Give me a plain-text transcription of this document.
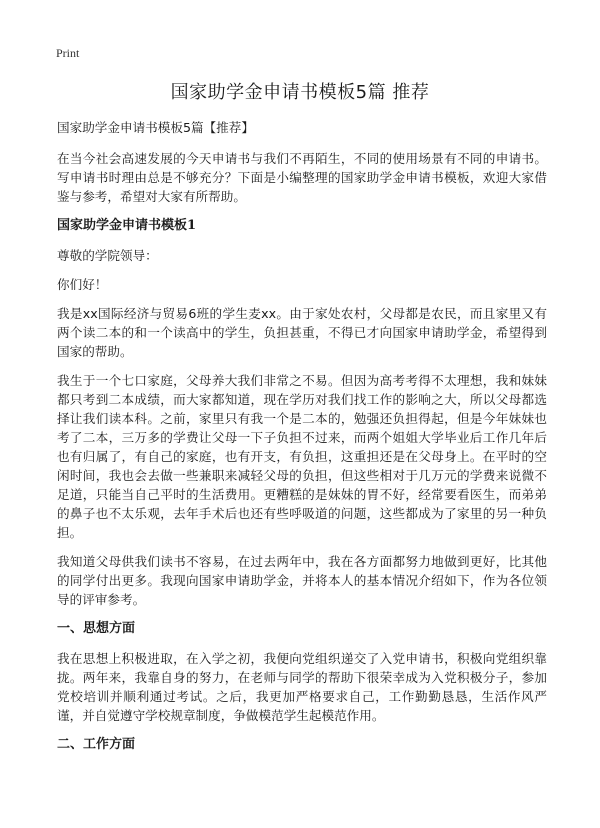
Print
国家助学金申请书模板5篇 推荐

国家助学金申请书模板5篇【推荐】

在当今社会高速发展的今天申请书与我们不再陌生，不同的使用场景有不同的申请书。写申请书时理由总是不够充分？下面是小编整理的国家助学金申请书模板，欢迎大家借鉴与参考，希望对大家有所帮助。

国家助学金申请书模板1

尊敬的学院领导：

你们好！

我是xx国际经济与贸易6班的学生麦xx。由于家处农村，父母都是农民，而且家里又有两个读二本的和一个读高中的学生，负担甚重，不得已才向国家申请助学金，希望得到国家的帮助。

我生于一个七口家庭，父母养大我们非常之不易。但因为高考考得不太理想，我和妹妹都只考到二本成绩，而大家都知道，现在学历对我们找工作的影响之大，所以父母都选择让我们读本科。之前，家里只有我一个是二本的，勉强还负担得起，但是今年妹妹也考了二本，三万多的学费让父母一下子负担不过来，而两个姐姐大学毕业后工作几年后也有归属了，有自己的家庭，也有开支，有负担，这重担还是在父母身上。在平时的空闲时间，我也会去做一些兼职来减轻父母的负担，但这些相对于几万元的学费来说微不足道，只能当自己平时的生活费用。更糟糕的是妹妹的胃不好，经常要看医生，而弟弟的鼻子也不太乐观，去年手术后也还有些呼吸道的问题，这些都成为了家里的另一种负担。

我知道父母供我们读书不容易，在过去两年中，我在各方面都努力地做到更好，比其他的同学付出更多。我现向国家申请助学金，并将本人的基本情况介绍如下，作为各位领导的评审参考。

一、思想方面

我在思想上积极进取，在入学之初，我便向党组织递交了入党申请书，积极向党组织靠拢。两年来，我靠自身的努力，在老师与同学的帮助下很荣幸成为入党积极分子，参加党校培训并顺利通过考试。之后，我更加严格要求自己，工作勤勤恳恳，生活作风严谨，并自觉遵守学校规章制度，争做模范学生起模范作用。

二、工作方面
